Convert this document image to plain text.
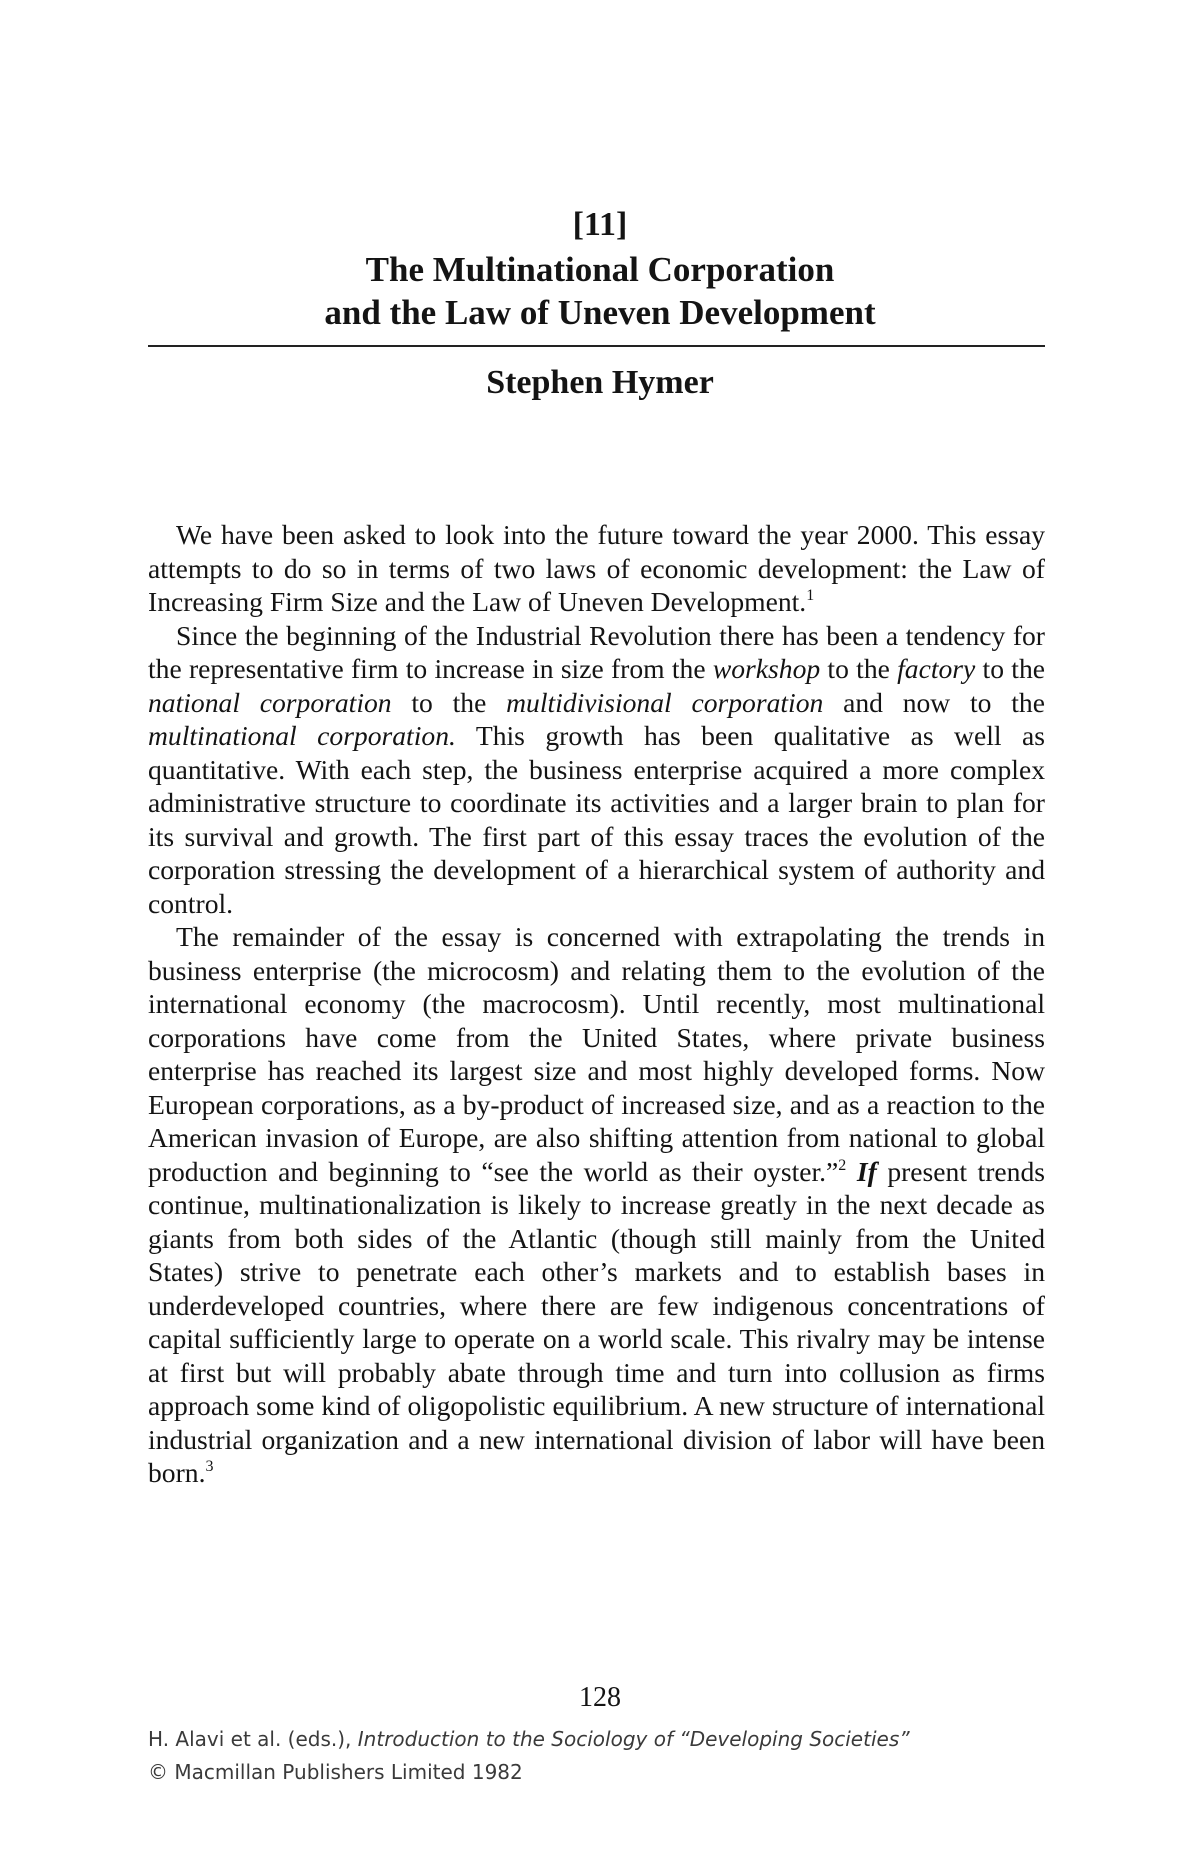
[11]
The Multinational Corporation
and the Law of Uneven Development
Stephen Hymer

We have been asked to look into the future toward the year 2000. This essay attempts to do so in terms of two laws of economic development: the Law of Increasing Firm Size and the Law of Uneven Development.$^1$

Since the beginning of the Industrial Revolution there has been a tendency for the representative firm to increase in size from the workshop to the factory to the national corporation to the multidivisional corporation and now to the multinational corporation. This growth has been qualitative as well as quantitative. With each step, the business enterprise acquired a more complex administrative structure to coordinate its activities and a larger brain to plan for its survival and growth. The first part of this essay traces the evolution of the corporation stressing the development of a hierarchical system of authority and control.

The remainder of the essay is concerned with extrapolating the trends in business enterprise (the microcosm) and relating them to the evolution of the international economy (the macrocosm). Until recently, most multinational corporations have come from the United States, where private business enterprise has reached its largest size and most highly developed forms. Now European corporations, as a by-product of increased size, and as a reaction to the American invasion of Europe, are also shifting attention from national to global production and beginning to “see the world as their oyster.”$^2$ If present trends continue, multinationalization is likely to increase greatly in the next decade as giants from both sides of the Atlantic (though still mainly from the United States) strive to penetrate each other’s markets and to establish bases in underdeveloped countries, where there are few indigenous concentrations of capital sufficiently large to operate on a world scale. This rivalry may be intense at first but will probably abate through time and turn into collusion as firms approach some kind of oligopolistic equilibrium. A new structure of international industrial organization and a new international division of labor will have been born.$^3$

128
H. Alavi et al. (eds.), Introduction to the Sociology of “Developing Societies”
© Macmillan Publishers Limited 1982
